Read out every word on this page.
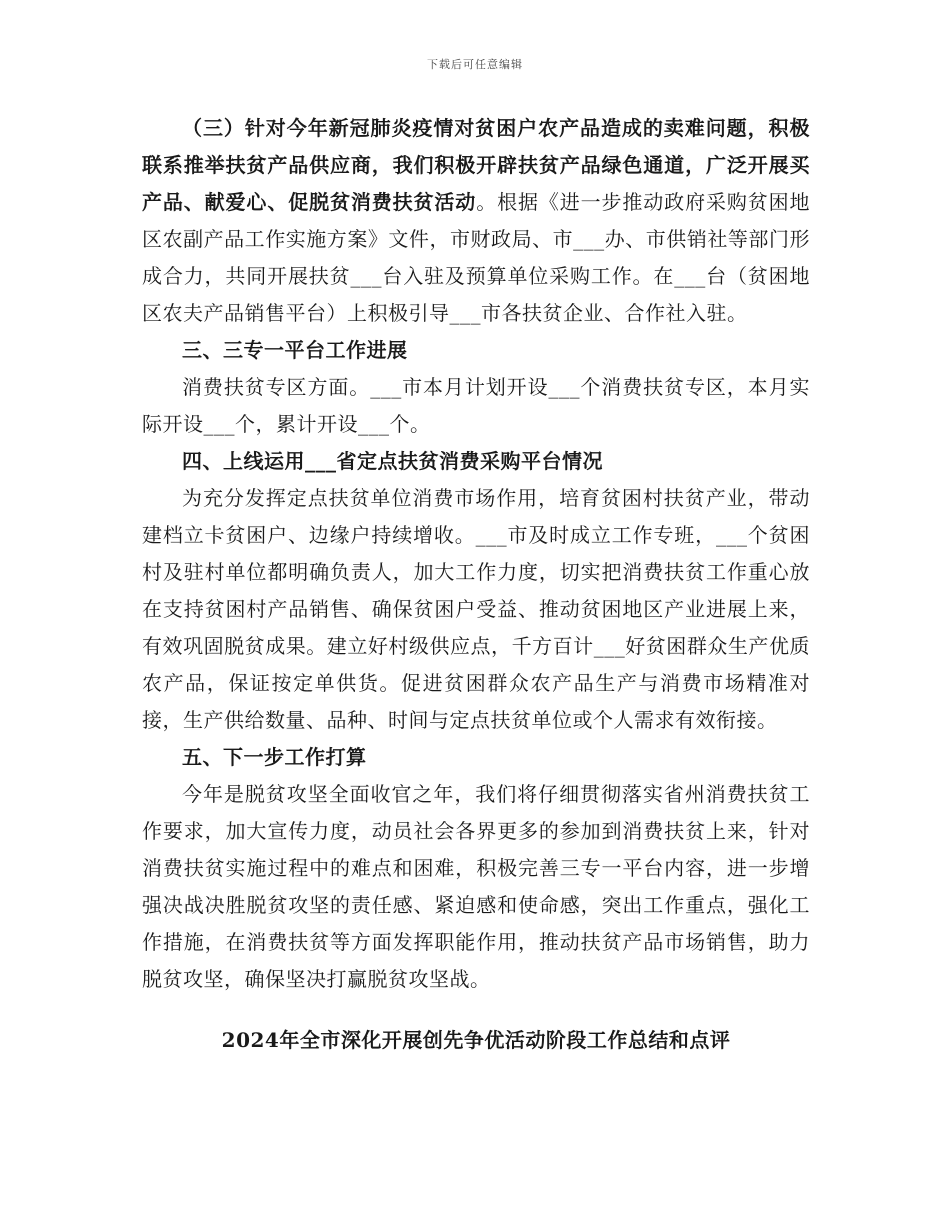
下载后可任意编辑

（三）针对今年新冠肺炎疫情对贫困户农产品造成的卖难问题，积极联系推举扶贫产品供应商，我们积极开辟扶贫产品绿色通道，广泛开展买产品、献爱心、促脱贫消费扶贫活动。根据《进一步推动政府采购贫困地区农副产品工作实施方案》文件，市财政局、市___办、市供销社等部门形成合力，共同开展扶贫___台入驻及预算单位采购工作。在___台（贫困地区农夫产品销售平台）上积极引导___市各扶贫企业、合作社入驻。

三、三专一平台工作进展

消费扶贫专区方面。___市本月计划开设___个消费扶贫专区，本月实际开设___个，累计开设___个。

四、上线运用___省定点扶贫消费采购平台情况

为充分发挥定点扶贫单位消费市场作用，培育贫困村扶贫产业，带动建档立卡贫困户、边缘户持续增收。___市及时成立工作专班，___个贫困村及驻村单位都明确负责人，加大工作力度，切实把消费扶贫工作重心放在支持贫困村产品销售、确保贫困户受益、推动贫困地区产业进展上来，有效巩固脱贫成果。建立好村级供应点，千方百计___好贫困群众生产优质农产品，保证按定单供货。促进贫困群众农产品生产与消费市场精准对接，生产供给数量、品种、时间与定点扶贫单位或个人需求有效衔接。

五、下一步工作打算

今年是脱贫攻坚全面收官之年，我们将仔细贯彻落实省州消费扶贫工作要求，加大宣传力度，动员社会各界更多的参加到消费扶贫上来，针对消费扶贫实施过程中的难点和困难，积极完善三专一平台内容，进一步增强决战决胜脱贫攻坚的责任感、紧迫感和使命感，突出工作重点，强化工作措施，在消费扶贫等方面发挥职能作用，推动扶贫产品市场销售，助力脱贫攻坚，确保坚决打赢脱贫攻坚战。

2024年全市深化开展创先争优活动阶段工作总结和点评
